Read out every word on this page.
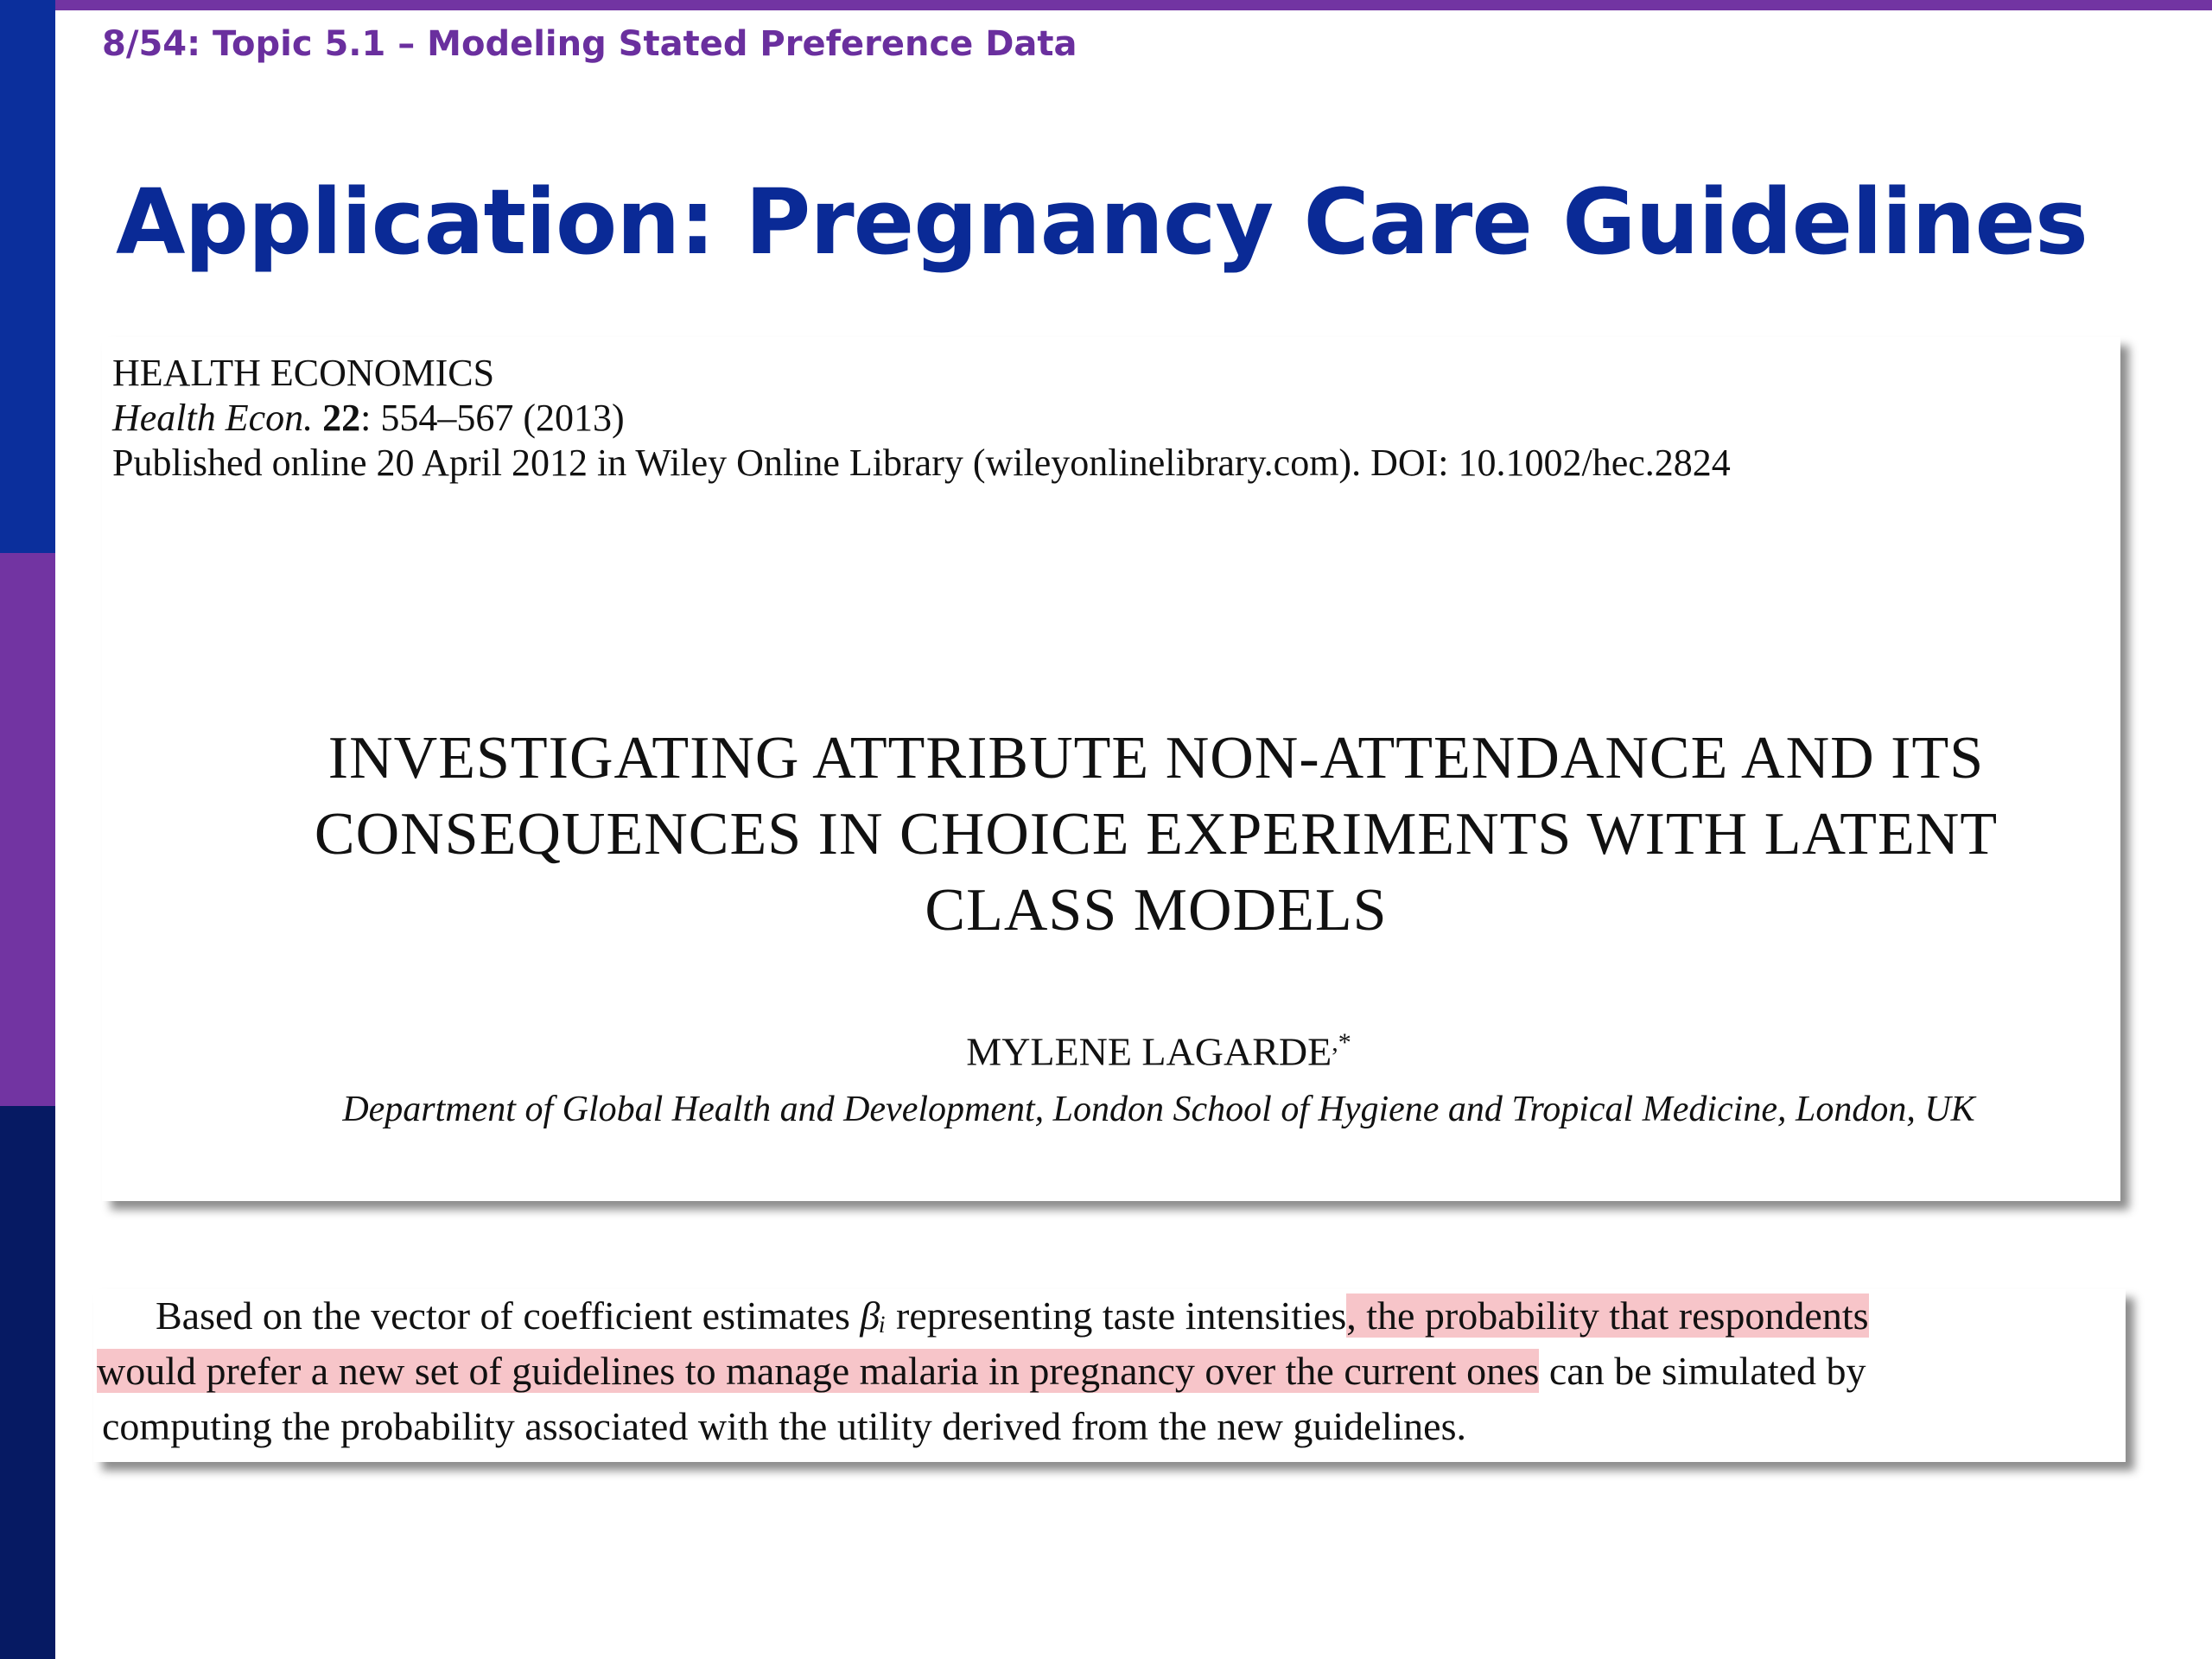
8/54: Topic 5.1 – Modeling Stated Preference Data
Application: Pregnancy Care Guidelines
HEALTH ECONOMICS
Health Econ. 22: 554–567 (2013)
Published online 20 April 2012 in Wiley Online Library (wileyonlinelibrary.com). DOI: 10.1002/hec.2824
INVESTIGATING ATTRIBUTE NON-ATTENDANCE AND ITS
CONSEQUENCES IN CHOICE EXPERIMENTS WITH LATENT
CLASS MODELS
MYLENE LAGARDE,*
Department of Global Health and Development, London School of Hygiene and Tropical Medicine, London, UK
Based on the vector of coefficient estimates βᵢ representing taste intensities, the probability that respondents
would prefer a new set of guidelines to manage malaria in pregnancy over the current ones can be simulated by
computing the probability associated with the utility derived from the new guidelines.
